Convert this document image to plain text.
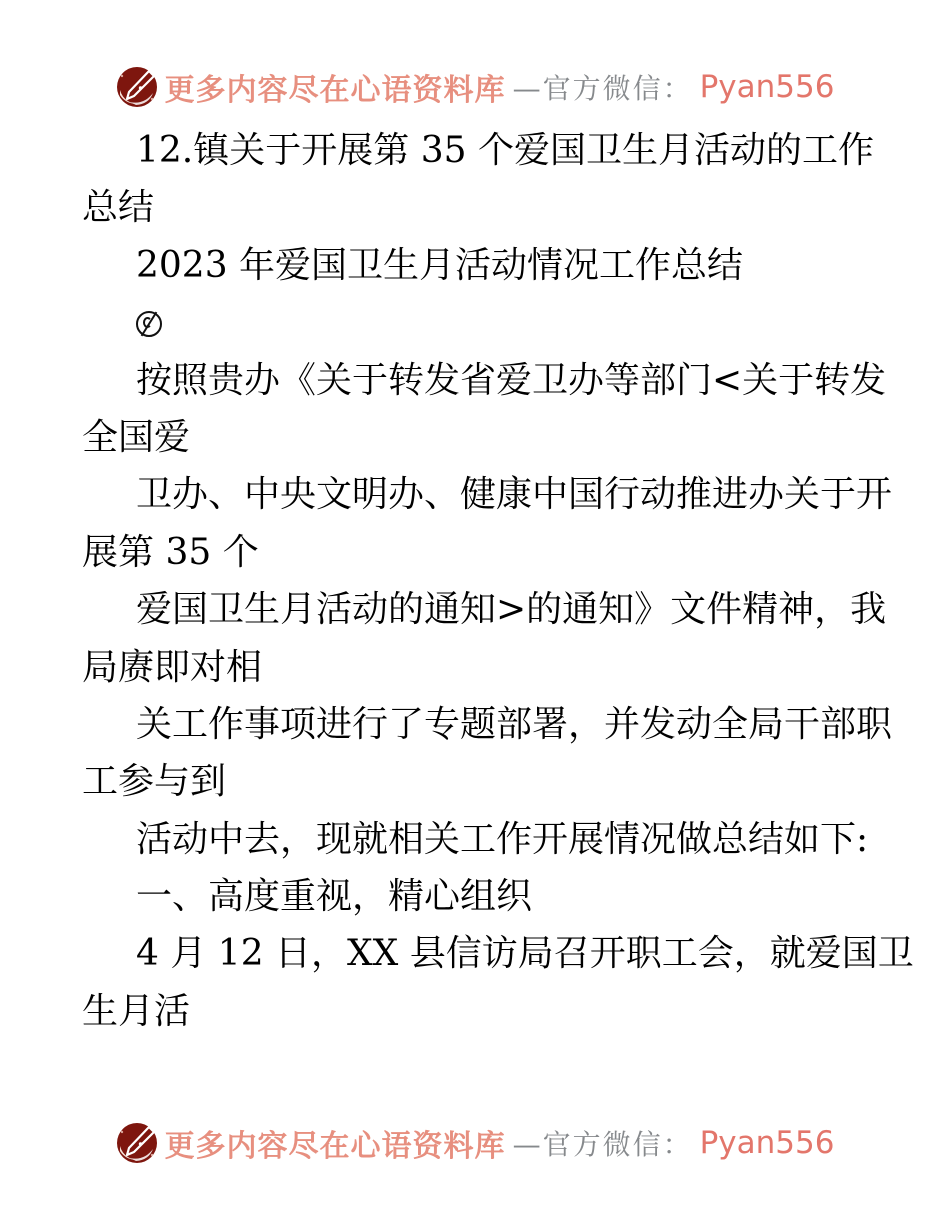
更多内容尽在心语资料库 —官方微信： Pyan556
12.镇关于开展第 35 个爱国卫生月活动的工作
总结
2023 年爱国卫生月活动情况工作总结
按照贵办《关于转发省爱卫办等部门<关于转发
全国爱
卫办、中央文明办、健康中国行动推进办关于开
展第 35 个
爱国卫生月活动的通知>的通知》文件精神，我
局赓即对相
关工作事项进行了专题部署，并发动全局干部职
工参与到
活动中去，现就相关工作开展情况做总结如下:
一、高度重视，精心组织
4 月 12 日，XX 县信访局召开职工会，就爱国卫
生月活
更多内容尽在心语资料库 —官方微信： Pyan556
